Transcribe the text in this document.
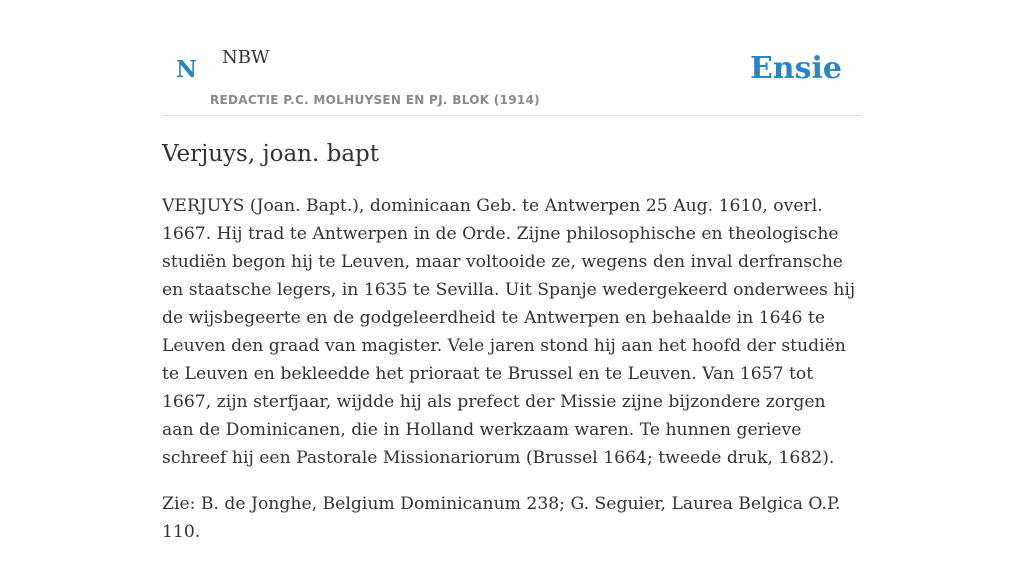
N NBW
REDACTIE P.C. MOLHUYSEN EN PJ. BLOK (1914)
Ensie
Verjuys, joan. bapt

VERJUYS (Joan. Bapt.), dominicaan Geb. te Antwerpen 25 Aug. 1610, overl. 1667. Hij trad te Antwerpen in de Orde. Zijne philosophische en theologische studiën begon hij te Leuven, maar voltooide ze, wegens den inval derfransche en staatsche legers, in 1635 te Sevilla. Uit Spanje wedergekeerd onderwees hij de wijsbegeerte en de godgeleerdheid te Antwerpen en behaalde in 1646 te Leuven den graad van magister. Vele jaren stond hij aan het hoofd der studiën te Leuven en bekleedde het prioraat te Brussel en te Leuven. Van 1657 tot 1667, zijn sterfjaar, wijdde hij als prefect der Missie zijne bijzondere zorgen aan de Dominicanen, die in Holland werkzaam waren. Te hunnen gerieve schreef hij een Pastorale Missionariorum (Brussel 1664; tweede druk, 1682).

Zie: B. de Jonghe, Belgium Dominicanum 238; G. Seguier, Laurea Belgica O.P. 110.
